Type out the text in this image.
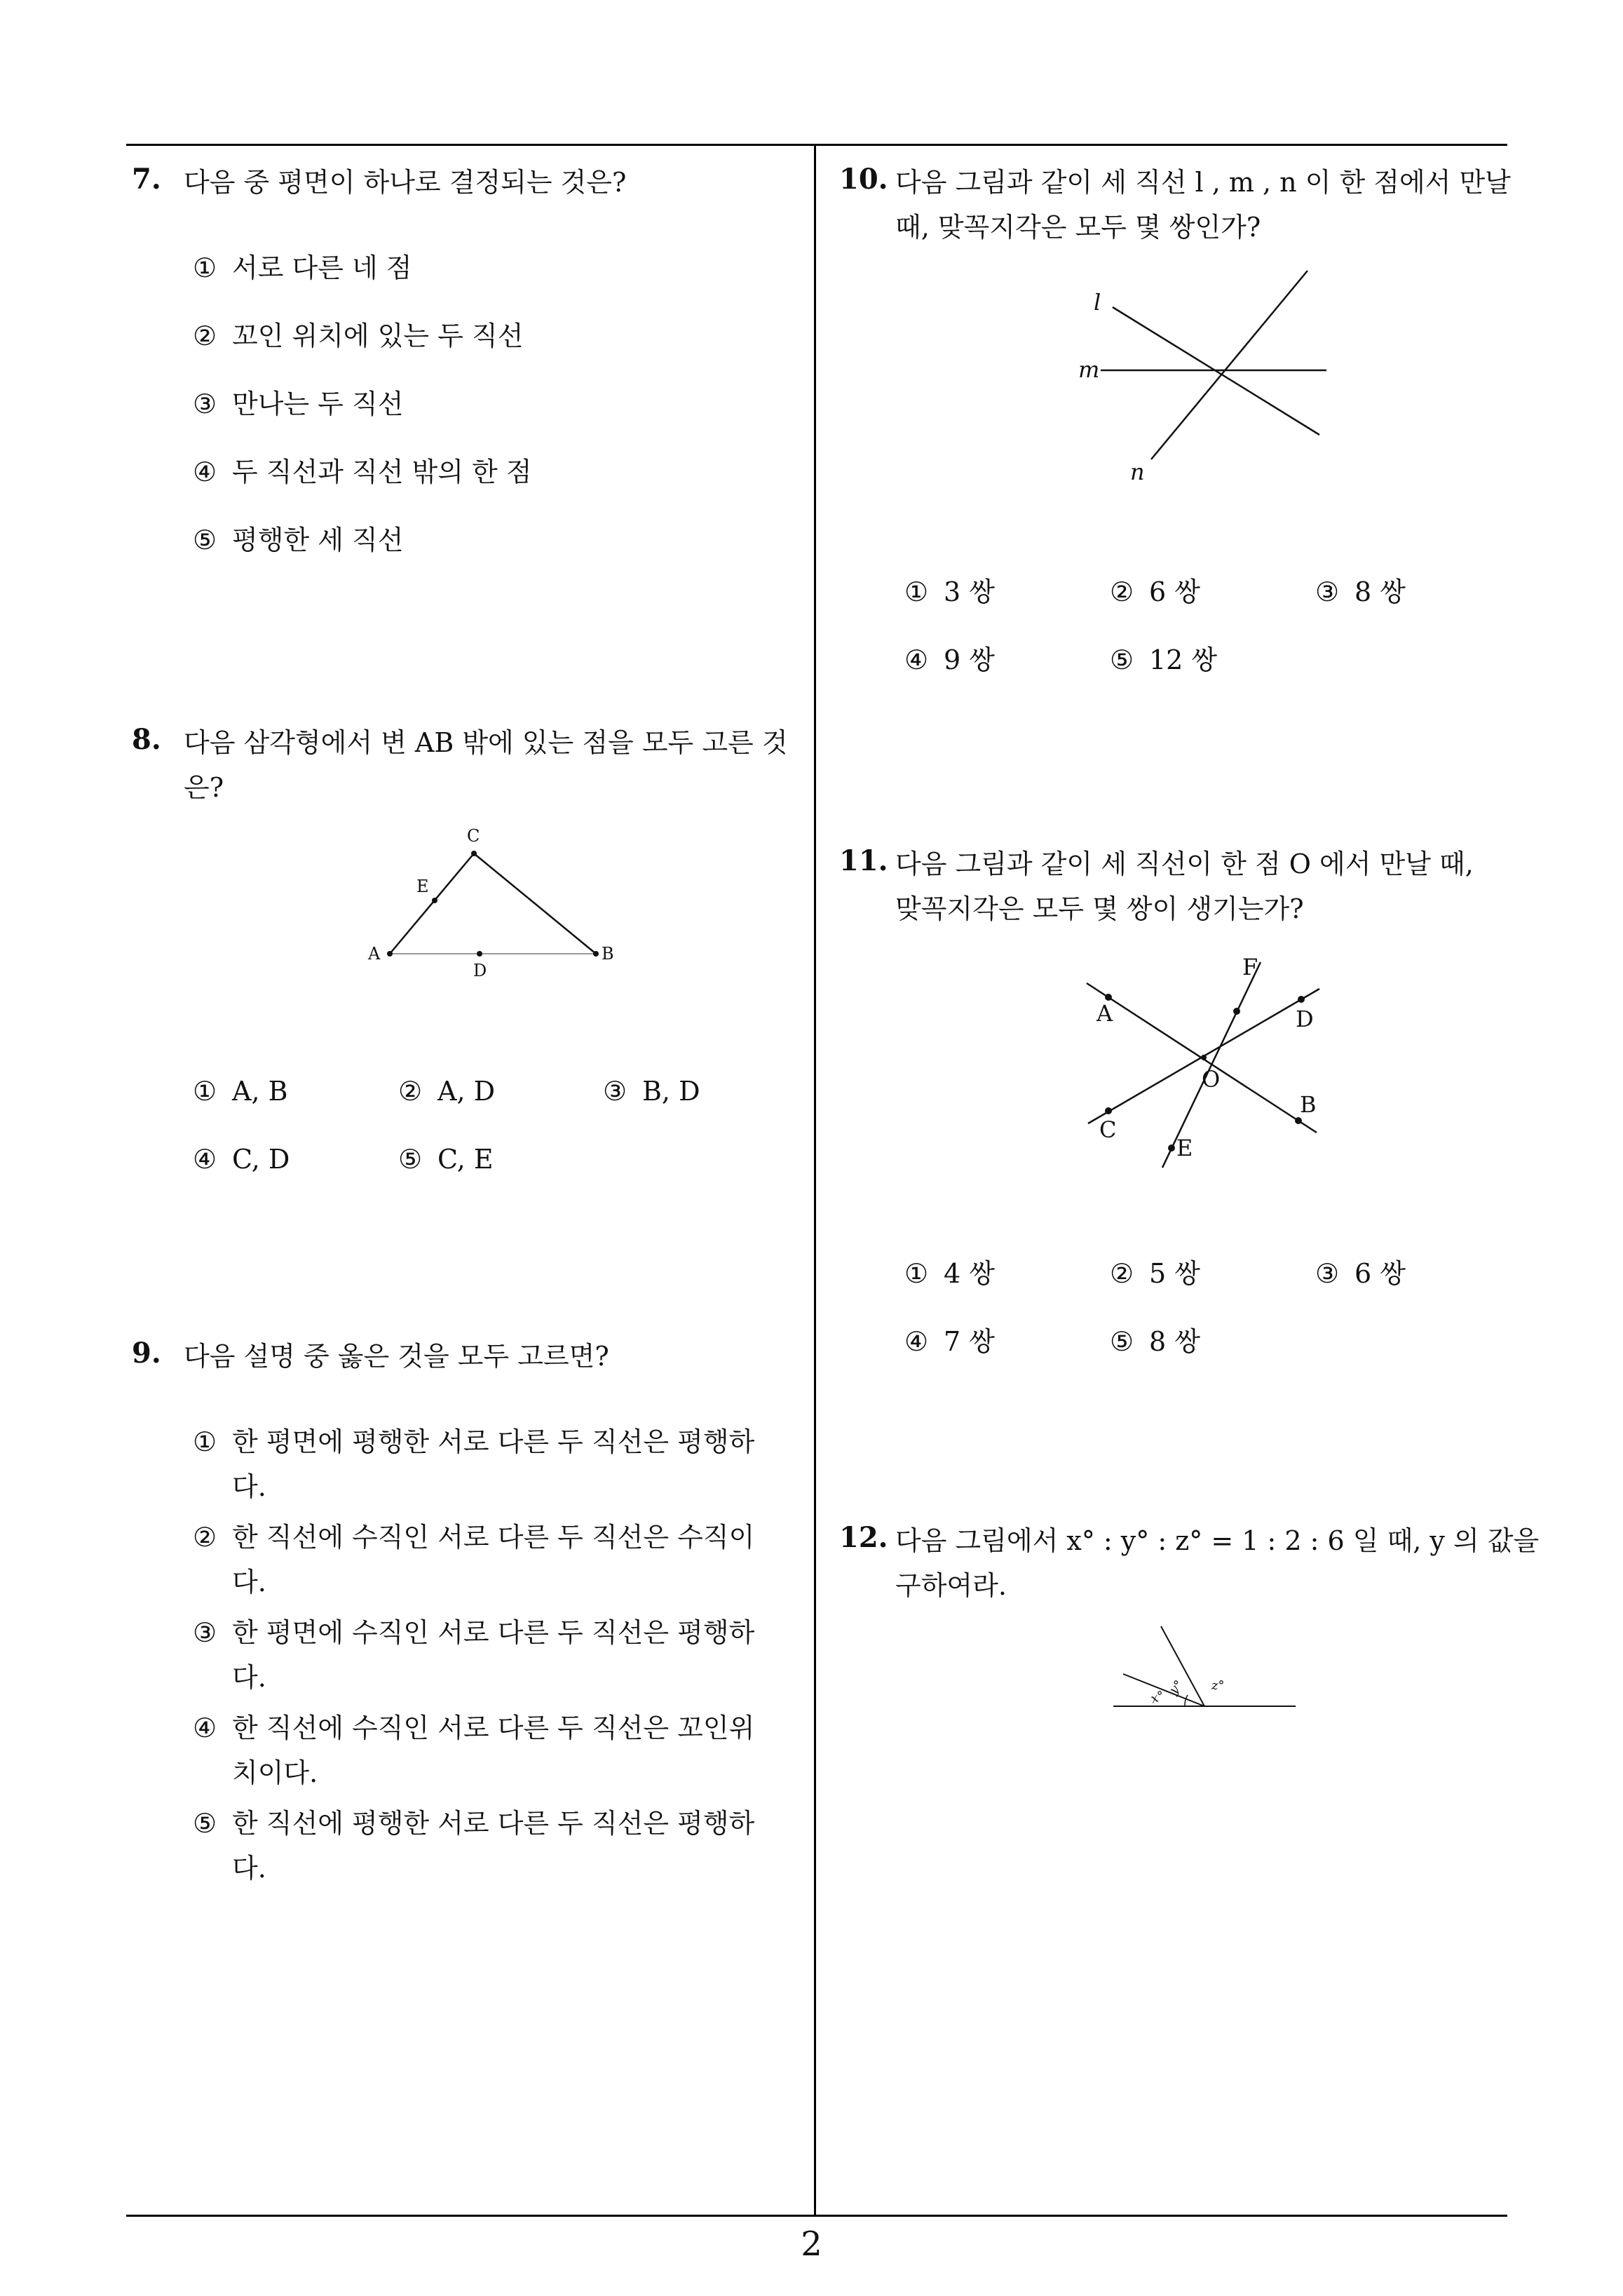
2
7. 다음 중 평면이 하나로 결정되는 것은?
① 서로 다른 네 점
② 꼬인 위치에 있는 두 직선
③ 만나는 두 직선
④ 두 직선과 직선 밖의 한 점
⑤ 평행한 세 직선
8. 다음 삼각형에서 변 AB 밖에 있는 점을 모두 고른 것
은?
A	B
C
D
E
① A, B	② A, D	③ B, D
④ C, D	⑤ C, E
9. 다음 설명 중 옳은 것을 모두 고르면?
① 한 평면에 평행한 서로 다른 두 직선은 평행하
다.
② 한 직선에 수직인 서로 다른 두 직선은 수직이
다.
③ 한 평면에 수직인 서로 다른 두 직선은 평행하
다.
④ 한 직선에 수직인 서로 다른 두 직선은 꼬인위
치이다.
⑤ 한 직선에 평행한 서로 다른 두 직선은 평행하
다.
10. 다음 그림과 같이 세 직선 l , m , n 이 한 점에서 만날
때, 맞꼭지각은 모두 몇 쌍인가?
l
m
n
① 3 쌍	② 6 쌍	③ 8 쌍
④ 9 쌍	⑤ 12 쌍
11. 다음 그림과 같이 세 직선이 한 점 O 에서 만날 때,
맞꼭지각은 모두 몇 쌍이 생기는가?
O
A
B
C
D
E
F
① 4 쌍	② 5 쌍	③ 6 쌍
④ 7 쌍	⑤ 8 쌍
12. 다음 그림에서 x° : y° : z° = 1 : 2 : 6 일 때, y 의 값을
구하여라.
x°
y° z°
